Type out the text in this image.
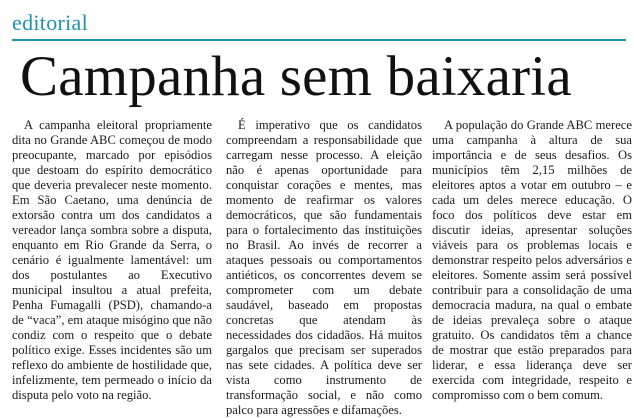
editorial
Campanha sem baixaria

A campanha eleitoral propriamente dita no Grande ABC começou de modo preocupante, marcado por episódios que destoam do espírito democrático que deveria prevalecer neste momento. Em São Caetano, uma denúncia de extorsão contra um dos candidatos a vereador lança sombra sobre a disputa, enquanto em Rio Grande da Serra, o cenário é igualmente lamentável: um dos postulantes ao Executivo municipal insultou a atual prefeita, Penha Fumagalli (PSD), chamando-a de “vaca”, em ataque misógino que não condiz com o respeito que o debate político exige. Esses incidentes são um reflexo do ambiente de hostilidade que, infelizmente, tem permeado o início da disputa pelo voto na região.

É imperativo que os candidatos compreendam a responsabilidade que carregam nesse processo. A eleição não é apenas oportunidade para conquistar corações e mentes, mas momento de reafirmar os valores democráticos, que são fundamentais para o fortalecimento das instituições no Brasil. Ao invés de recorrer a ataques pessoais ou comportamentos antiéticos, os concorrentes devem se comprometer com um debate saudável, baseado em propostas concretas que atendam às necessidades dos cidadãos. Há muitos gargalos que precisam ser superados nas sete cidades. A política deve ser vista como instrumento de transformação social, e não como palco para agressões e difamações.

A população do Grande ABC merece uma campanha à altura de sua importância e de seus desafios. Os municípios têm 2,15 milhões de eleitores aptos a votar em outubro – e cada um deles merece educação. O foco dos políticos deve estar em discutir ideias, apresentar soluções viáveis para os problemas locais e demonstrar respeito pelos adversários e eleitores. Somente assim será possível contribuir para a consolidação de uma democracia madura, na qual o embate de ideias prevaleça sobre o ataque gratuito. Os candidatos têm a chance de mostrar que estão preparados para liderar, e essa liderança deve ser exercida com integridade, respeito e compromisso com o bem comum.
